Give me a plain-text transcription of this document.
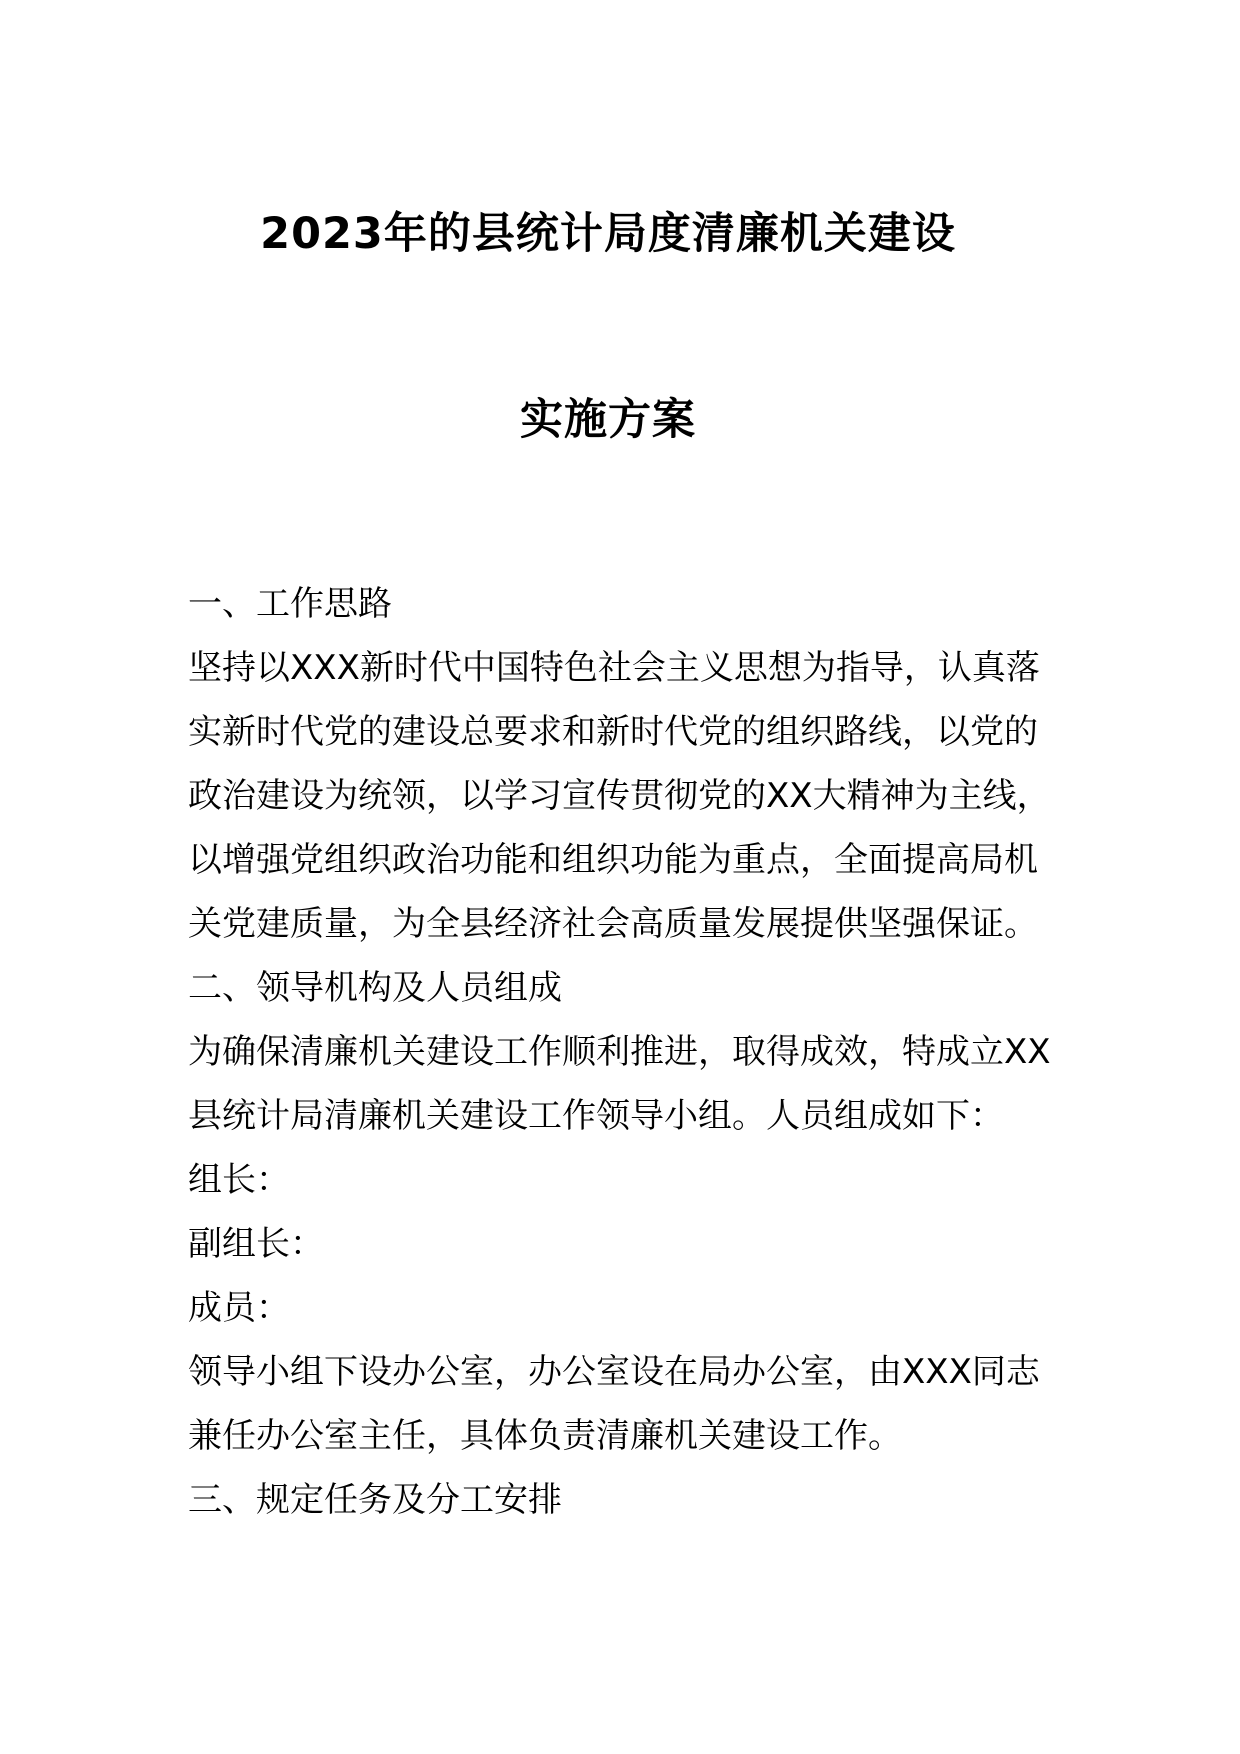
2023年的县统计局度清廉机关建设
实施方案
一、工作思路
坚持以XXX新时代中国特色社会主义思想为指导，认真落
实新时代党的建设总要求和新时代党的组织路线，以党的
政治建设为统领，以学习宣传贯彻党的XX大精神为主线，
以增强党组织政治功能和组织功能为重点，全面提高局机
关党建质量，为全县经济社会高质量发展提供坚强保证。
二、领导机构及人员组成
为确保清廉机关建设工作顺利推进，取得成效，特成立XX
县统计局清廉机关建设工作领导小组。人员组成如下：
组长：
副组长：
成员：
领导小组下设办公室，办公室设在局办公室，由XXX同志
兼任办公室主任，具体负责清廉机关建设工作。
三、规定任务及分工安排
